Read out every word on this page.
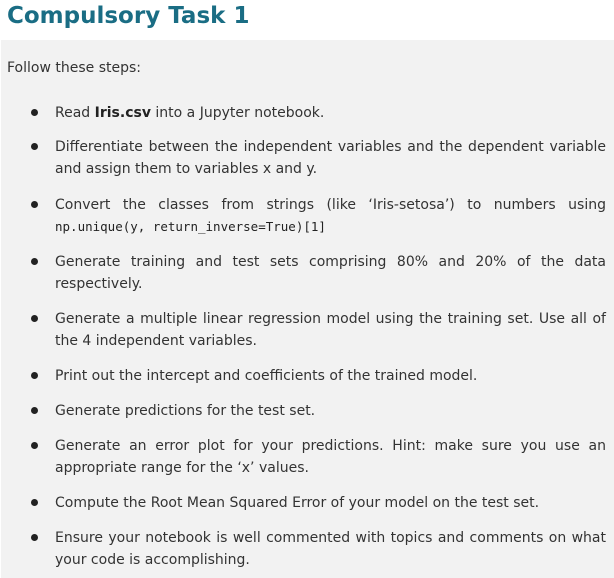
Compulsory Task 1
Follow these steps:
Read Iris.csv into a Jupyter notebook.
Differentiate between the independent variables and the dependent variable and assign them to variables x and y.
Convert the classes from strings (like ‘Iris-setosa’) to numbers using np.unique(y, return_inverse=True)[1]
Generate training and test sets comprising 80% and 20% of the data respectively.
Generate a multiple linear regression model using the training set. Use all of the 4 independent variables.
Print out the intercept and coefficients of the trained model.
Generate predictions for the test set.
Generate an error plot for your predictions. Hint: make sure you use an appropriate range for the ‘x’ values.
Compute the Root Mean Squared Error of your model on the test set.
Ensure your notebook is well commented with topics and comments on what your code is accomplishing.
